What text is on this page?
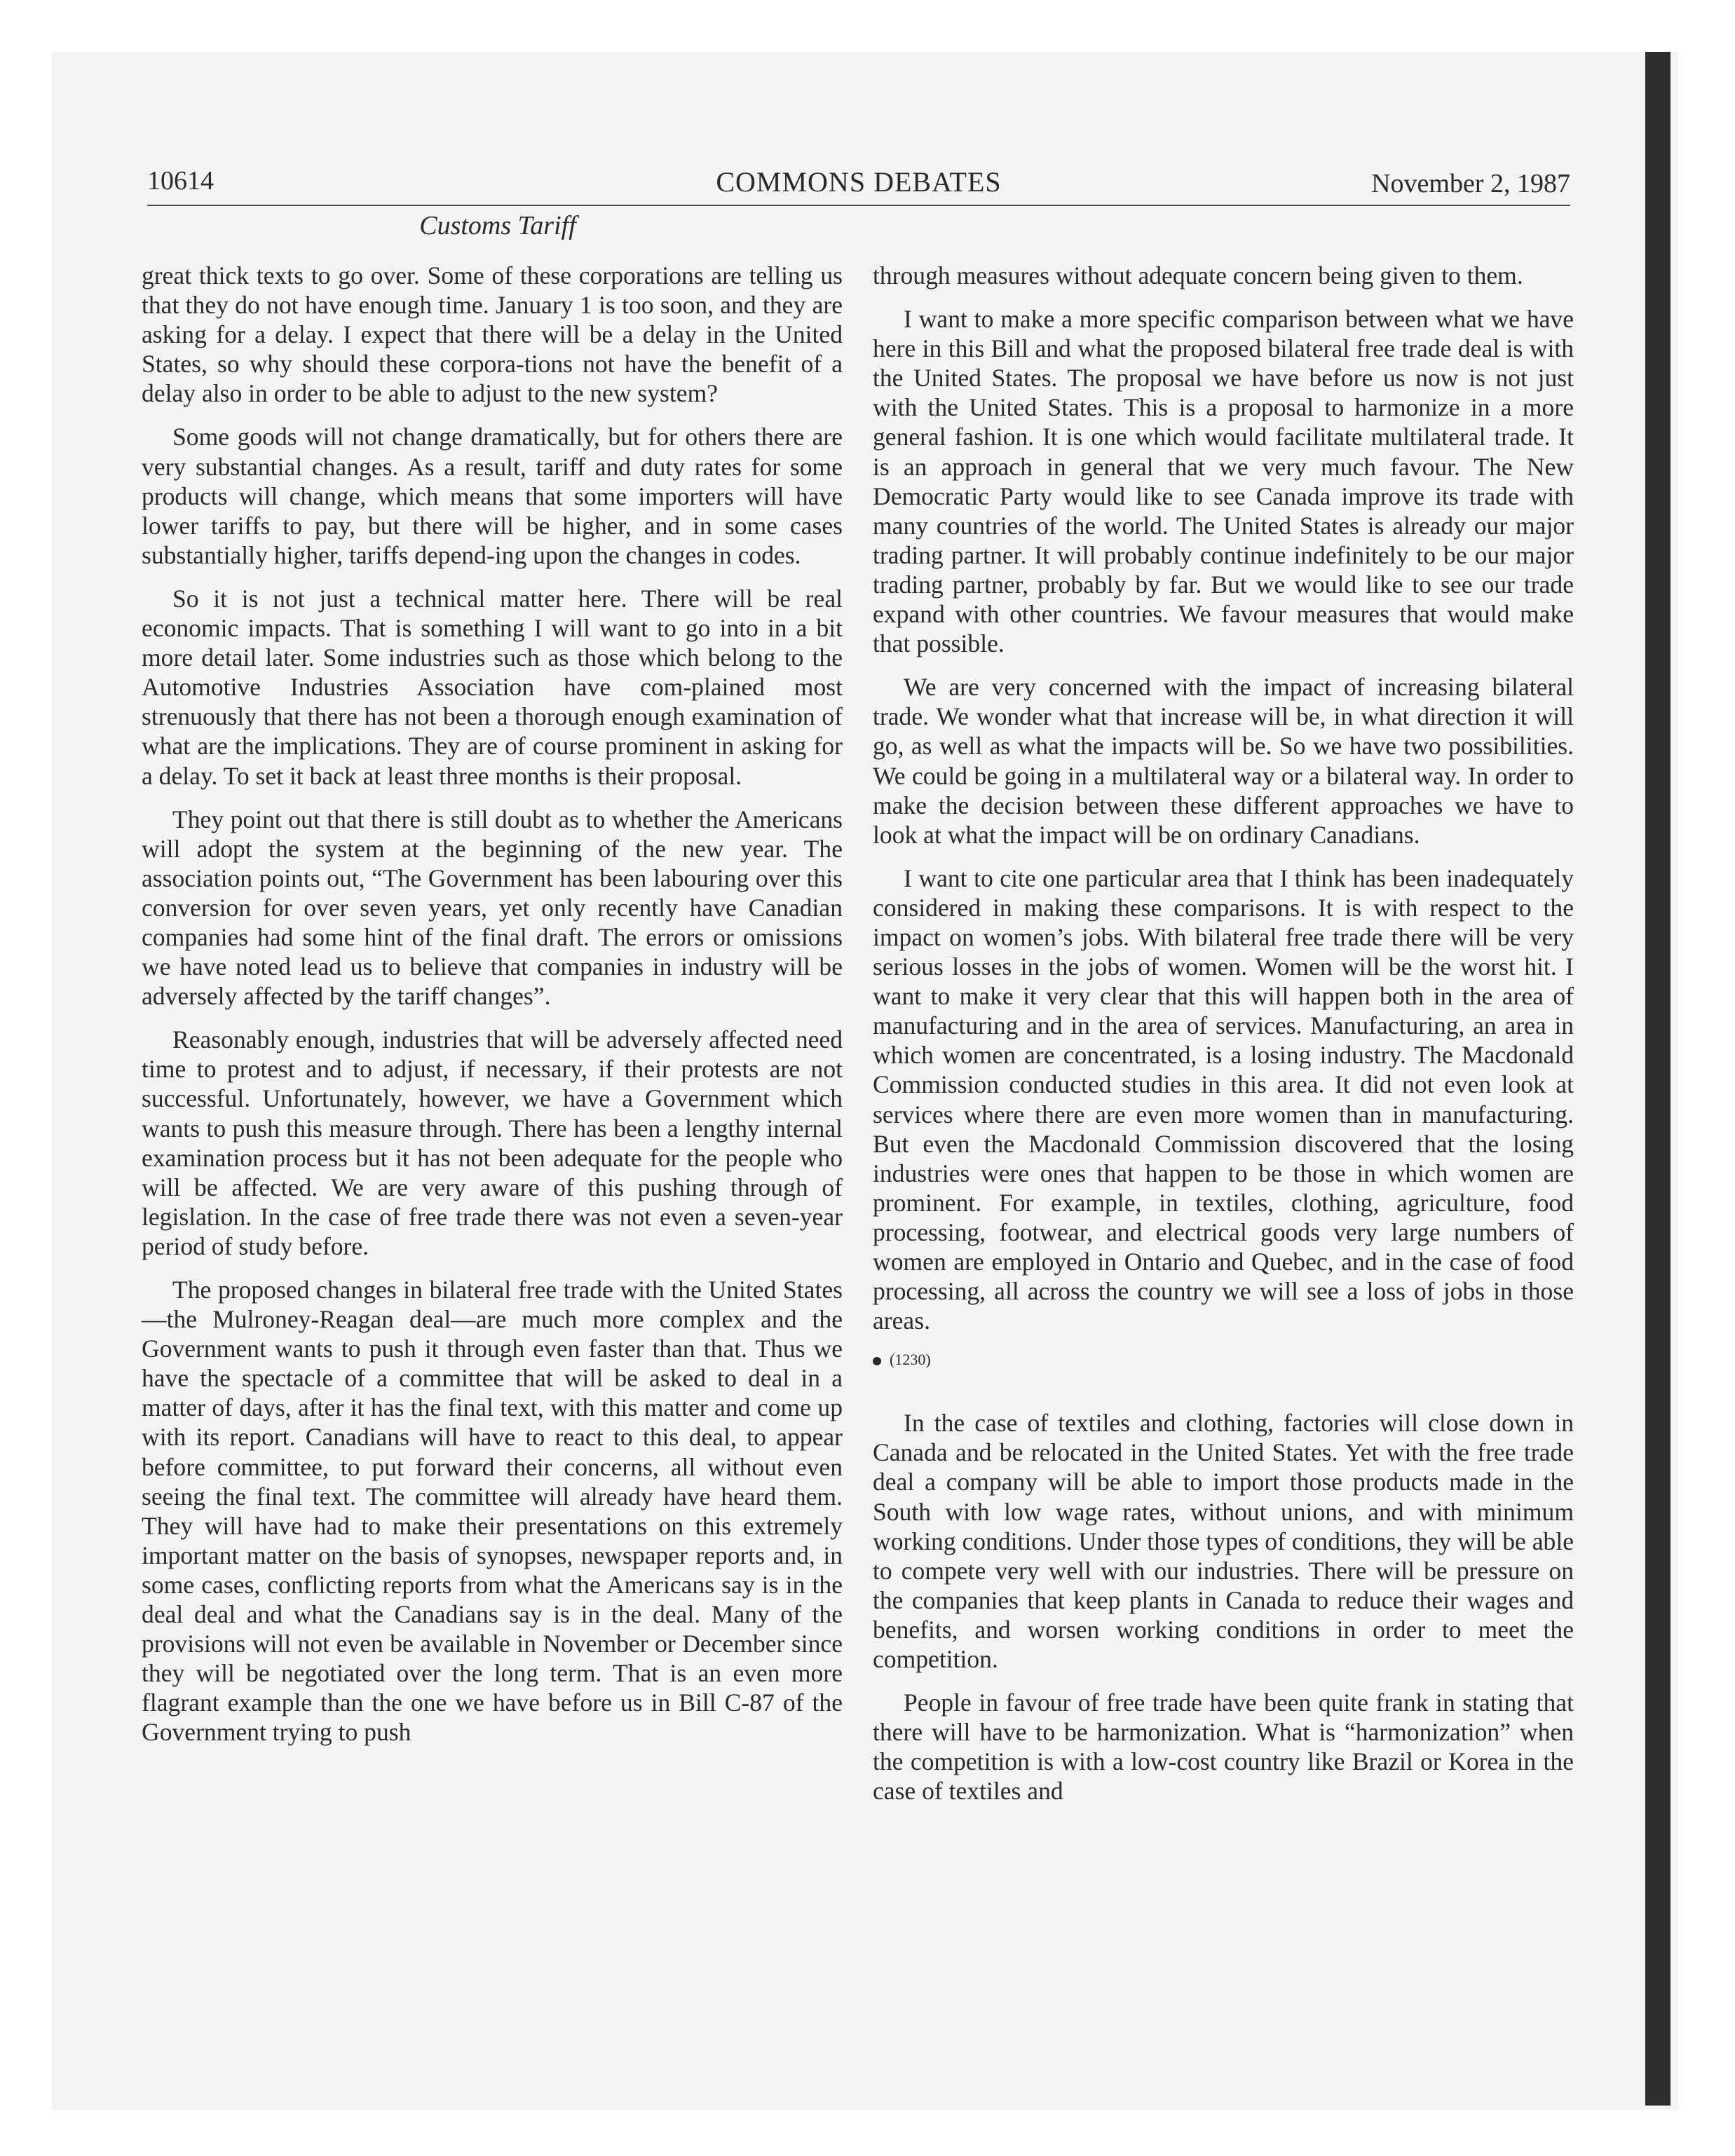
10614	COMMONS DEBATES	November 2, 1987
Customs Tariff

great thick texts to go over. Some of these corporations are telling us that they do not have enough time. January 1 is too soon, and they are asking for a delay. I expect that there will be a delay in the United States, so why should these corpora-tions not have the benefit of a delay also in order to be able to adjust to the new system?

Some goods will not change dramatically, but for others there are very substantial changes. As a result, tariff and duty rates for some products will change, which means that some importers will have lower tariffs to pay, but there will be higher, and in some cases substantially higher, tariffs depend-ing upon the changes in codes.

So it is not just a technical matter here. There will be real economic impacts. That is something I will want to go into in a bit more detail later. Some industries such as those which belong to the Automotive Industries Association have com-plained most strenuously that there has not been a thorough enough examination of what are the implications. They are of course prominent in asking for a delay. To set it back at least three months is their proposal.

They point out that there is still doubt as to whether the Americans will adopt the system at the beginning of the new year. The association points out, “The Government has been labouring over this conversion for over seven years, yet only recently have Canadian companies had some hint of the final draft. The errors or omissions we have noted lead us to believe that companies in industry will be adversely affected by the tariff changes”.

Reasonably enough, industries that will be adversely affected need time to protest and to adjust, if necessary, if their protests are not successful. Unfortunately, however, we have a Government which wants to push this measure through. There has been a lengthy internal examination process but it has not been adequate for the people who will be affected. We are very aware of this pushing through of legislation. In the case of free trade there was not even a seven-year period of study before.

The proposed changes in bilateral free trade with the United States—the Mulroney-Reagan deal—are much more complex and the Government wants to push it through even faster than that. Thus we have the spectacle of a committee that will be asked to deal in a matter of days, after it has the final text, with this matter and come up with its report. Canadians will have to react to this deal, to appear before committee, to put forward their concerns, all without even seeing the final text. The committee will already have heard them. They will have had to make their presentations on this extremely important matter on the basis of synopses, newspaper reports and, in some cases, conflicting reports from what the Americans say is in the deal deal and what the Canadians say is in the deal. Many of the provisions will not even be available in November or December since they will be negotiated over the long term. That is an even more flagrant example than the one we have before us in Bill C-87 of the Government trying to push

through measures without adequate concern being given to them.

I want to make a more specific comparison between what we have here in this Bill and what the proposed bilateral free trade deal is with the United States. The proposal we have before us now is not just with the United States. This is a proposal to harmonize in a more general fashion. It is one which would facilitate multilateral trade. It is an approach in general that we very much favour. The New Democratic Party would like to see Canada improve its trade with many countries of the world. The United States is already our major trading partner. It will probably continue indefinitely to be our major trading partner, probably by far. But we would like to see our trade expand with other countries. We favour measures that would make that possible.

We are very concerned with the impact of increasing bilateral trade. We wonder what that increase will be, in what direction it will go, as well as what the impacts will be. So we have two possibilities. We could be going in a multilateral way or a bilateral way. In order to make the decision between these different approaches we have to look at what the impact will be on ordinary Canadians.

I want to cite one particular area that I think has been inadequately considered in making these comparisons. It is with respect to the impact on women’s jobs. With bilateral free trade there will be very serious losses in the jobs of women. Women will be the worst hit. I want to make it very clear that this will happen both in the area of manufacturing and in the area of services. Manufacturing, an area in which women are concentrated, is a losing industry. The Macdonald Commission conducted studies in this area. It did not even look at services where there are even more women than in manufacturing. But even the Macdonald Commission discovered that the losing industries were ones that happen to be those in which women are prominent. For example, in textiles, clothing, agriculture, food processing, footwear, and electrical goods very large numbers of women are employed in Ontario and Quebec, and in the case of food processing, all across the country we will see a loss of jobs in those areas.

(1230)

In the case of textiles and clothing, factories will close down in Canada and be relocated in the United States. Yet with the free trade deal a company will be able to import those products made in the South with low wage rates, without unions, and with minimum working conditions. Under those types of conditions, they will be able to compete very well with our industries. There will be pressure on the companies that keep plants in Canada to reduce their wages and benefits, and worsen working conditions in order to meet the competition.

People in favour of free trade have been quite frank in stating that there will have to be harmonization. What is “harmonization” when the competition is with a low-cost country like Brazil or Korea in the case of textiles and
